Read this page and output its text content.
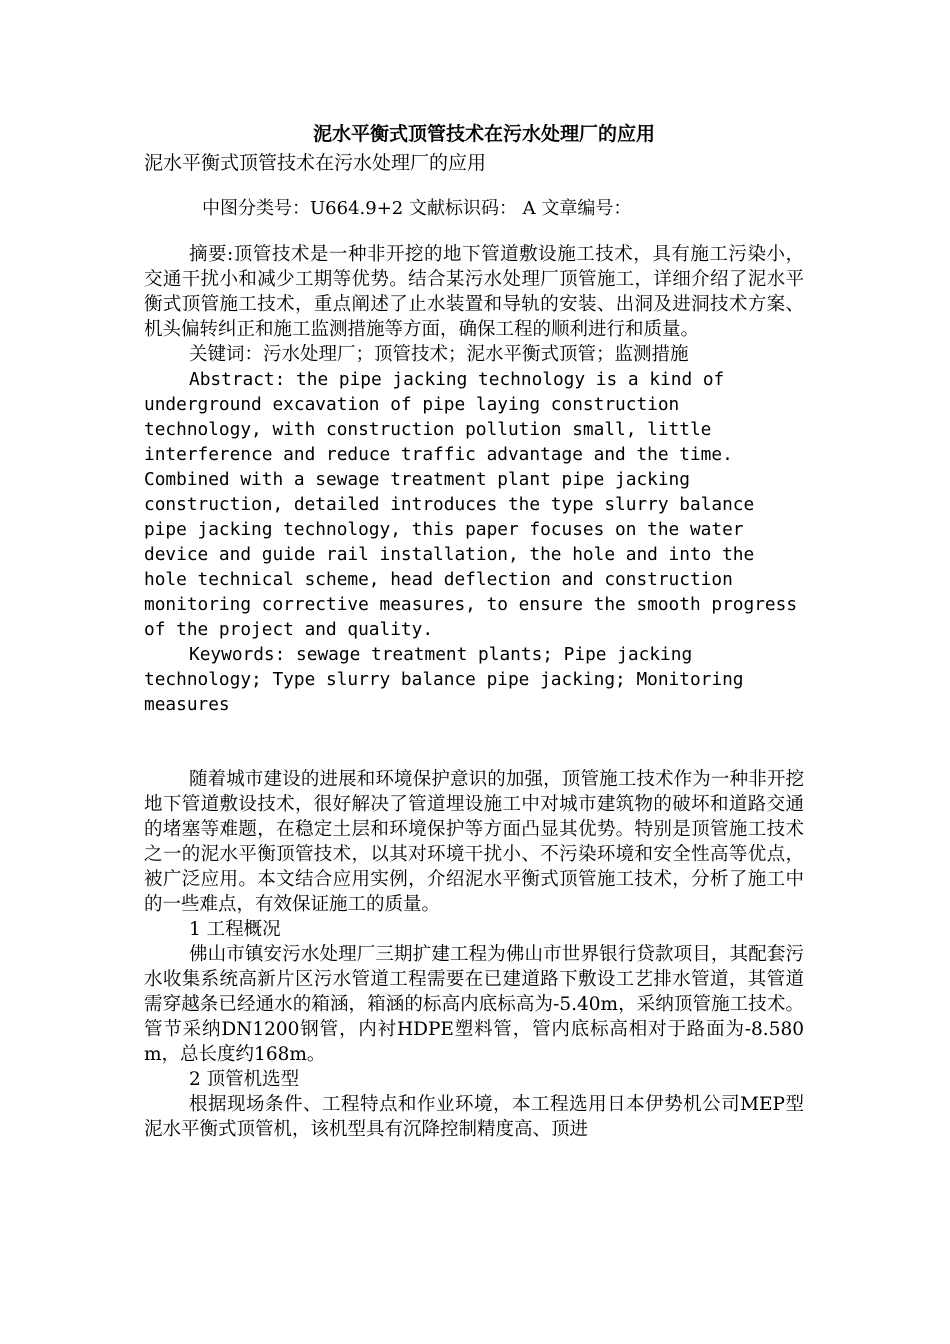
泥水平衡式顶管技术在污水处理厂的应用

泥水平衡式顶管技术在污水处理厂的应用

中图分类号：U664.9+2 文献标识码： A 文章编号：

摘要:顶管技术是一种非开挖的地下管道敷设施工技术，具有施工污染小，交通干扰小和减少工期等优势。结合某污水处理厂顶管施工，详细介绍了泥水平衡式顶管施工技术，重点阐述了止水装置和导轨的安装、出洞及进洞技术方案、机头偏转纠正和施工监测措施等方面，确保工程的顺利进行和质量。

关键词：污水处理厂；顶管技术；泥水平衡式顶管；监测措施

Abstract: the pipe jacking technology is a kind of underground excavation of pipe laying construction technology, with construction pollution small, little interference and reduce traffic advantage and the time. Combined with a sewage treatment plant pipe jacking construction, detailed introduces the type slurry balance pipe jacking technology, this paper focuses on the water device and guide rail installation, the hole and into the hole technical scheme, head deflection and construction monitoring corrective measures, to ensure the smooth progress of the project and quality.

Keywords: sewage treatment plants; Pipe jacking technology; Type slurry balance pipe jacking; Monitoring measures

随着城市建设的进展和环境保护意识的加强，顶管施工技术作为一种非开挖地下管道敷设技术，很好解决了管道埋设施工中对城市建筑物的破坏和道路交通的堵塞等难题，在稳定土层和环境保护等方面凸显其优势。特别是顶管施工技术之一的泥水平衡顶管技术，以其对环境干扰小、不污染环境和安全性高等优点，被广泛应用。本文结合应用实例，介绍泥水平衡式顶管施工技术，分析了施工中的一些难点，有效保证施工的质量。

1 工程概况

佛山市镇安污水处理厂三期扩建工程为佛山市世界银行贷款项目，其配套污水收集系统高新片区污水管道工程需要在已建道路下敷设工艺排水管道，其管道需穿越条已经通水的箱涵，箱涵的标高内底标高为-5.40m，采纳顶管施工技术。管节采纳DN1200钢管，内衬HDPE塑料管，管内底标高相对于路面为-8.580m，总长度约168m。

2 顶管机选型

根据现场条件、工程特点和作业环境，本工程选用日本伊势机公司MEP型泥水平衡式顶管机，该机型具有沉降控制精度高、顶进
